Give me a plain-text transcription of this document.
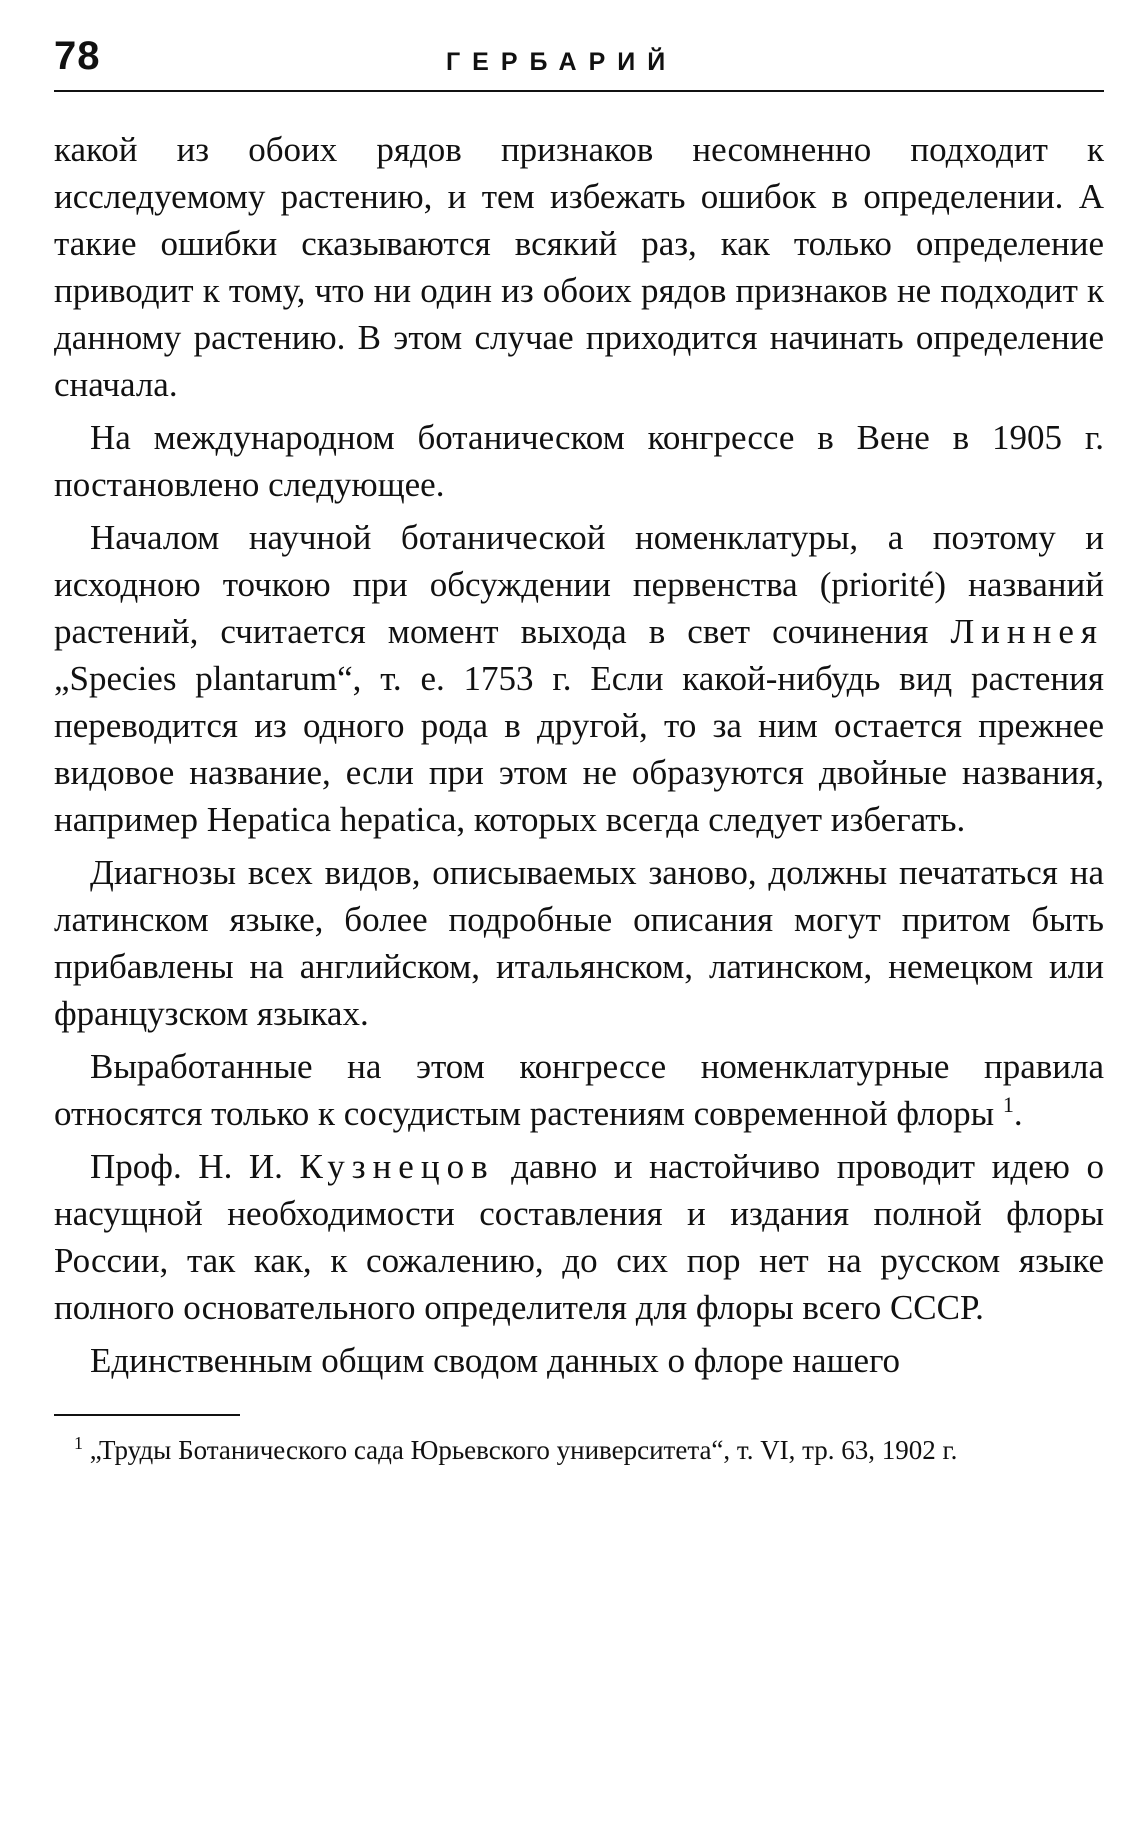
78	ГЕРБАРИЙ

какой из обоих рядов признаков несомненно подходит к исследуемому растению, и тем избежать ошибок в определении. А такие ошибки сказываются всякий раз, как только определение приводит к тому, что ни один из обоих рядов признаков не подходит к данному растению. В этом случае приходится начинать определение сначала.

На международном ботаническом конгрессе в Вене в 1905 г. постановлено следующее.

Началом научной ботанической номенклатуры, а поэтому и исходною точкою при обсуждении первенства (priorité) названий растений, считается момент выхода в свет сочинения Линнея „Species plantarum“, т. е. 1753 г. Если какой-нибудь вид растения переводится из одного рода в другой, то за ним остается прежнее видовое название, если при этом не образуются двойные названия, например Hepatica hepatica, которых всегда следует избегать.

Диагнозы всех видов, описываемых заново, должны печататься на латинском языке, более подробные описания могут притом быть прибавлены на английском, итальянском, латинском, немецком или французском языках.

Выработанные на этом конгрессе номенклатурные правила относятся только к сосудистым растениям современной флоры $^1$.

Проф. Н. И. Кузнецов давно и настойчиво проводит идею о насущной необходимости составления и издания полной флоры России, так как, к сожалению, до сих пор нет на русском языке полного основательного определителя для флоры всего СССР.

Единственным общим сводом данных о флоре нашего

$^1$ „Труды Ботанического сада Юрьевского университета“, т. VI, тр. 63, 1902 г.
